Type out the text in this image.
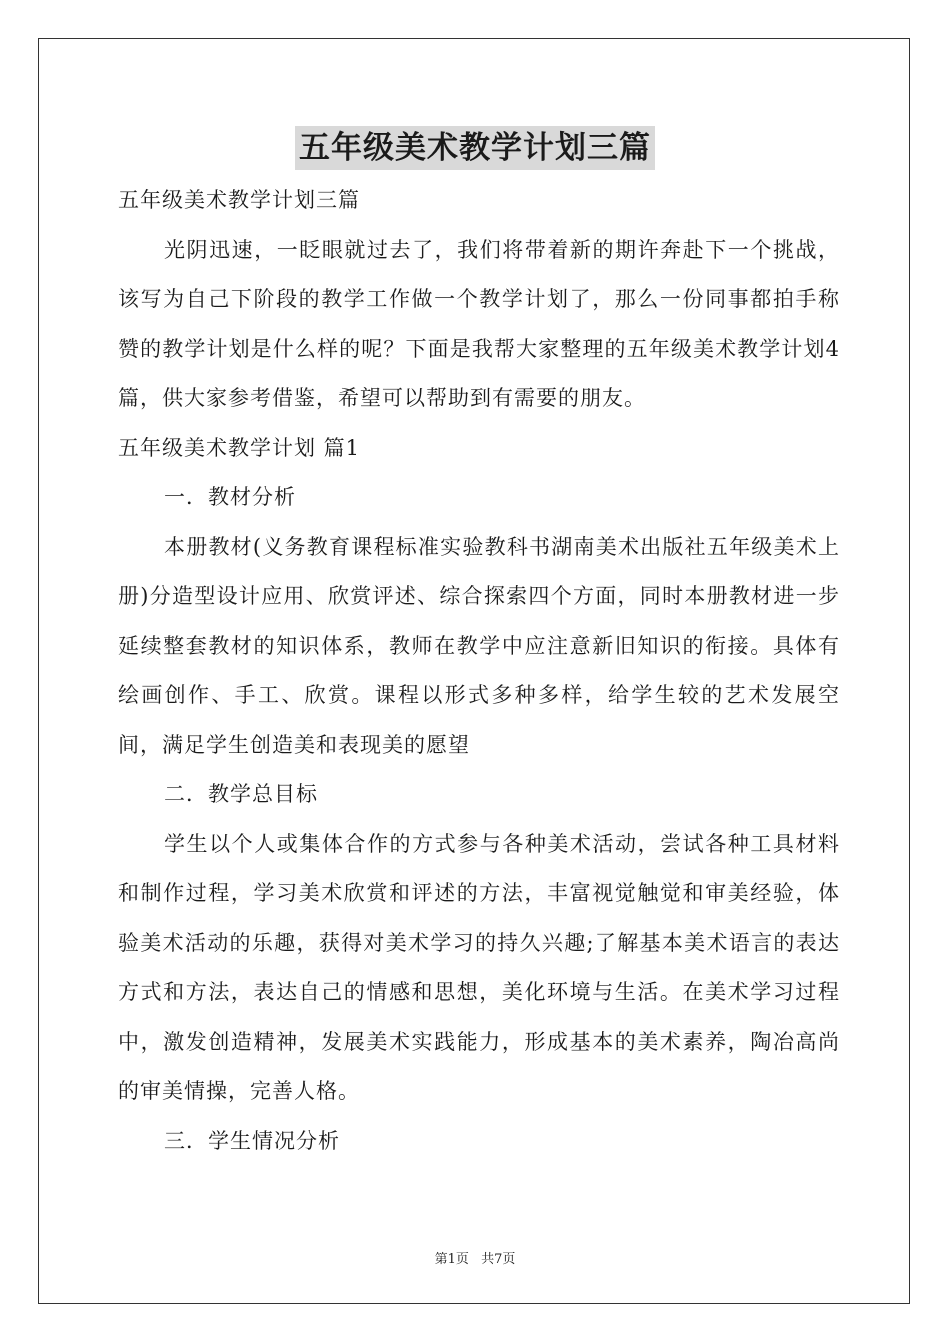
五年级美术教学计划三篇

五年级美术教学计划三篇

光阴迅速，一眨眼就过去了，我们将带着新的期许奔赴下一个挑战，该写为自己下阶段的教学工作做一个教学计划了，那么一份同事都拍手称赞的教学计划是什么样的呢？下面是我帮大家整理的五年级美术教学计划4篇，供大家参考借鉴，希望可以帮助到有需要的朋友。

五年级美术教学计划 篇1

一．教材分析

本册教材(义务教育课程标准实验教科书湖南美术出版社五年级美术上册)分造型设计应用、欣赏评述、综合探索四个方面，同时本册教材进一步延续整套教材的知识体系，教师在教学中应注意新旧知识的衔接。具体有绘画创作、手工、欣赏。课程以形式多种多样，给学生较的艺术发展空间，满足学生创造美和表现美的愿望

二．教学总目标

学生以个人或集体合作的方式参与各种美术活动，尝试各种工具材料和制作过程，学习美术欣赏和评述的方法，丰富视觉触觉和审美经验，体验美术活动的乐趣，获得对美术学习的持久兴趣;了解基本美术语言的表达方式和方法，表达自己的情感和思想，美化环境与生活。在美术学习过程中，激发创造精神，发展美术实践能力，形成基本的美术素养，陶冶高尚的审美情操，完善人格。

三．学生情况分析

第1页 共7页
